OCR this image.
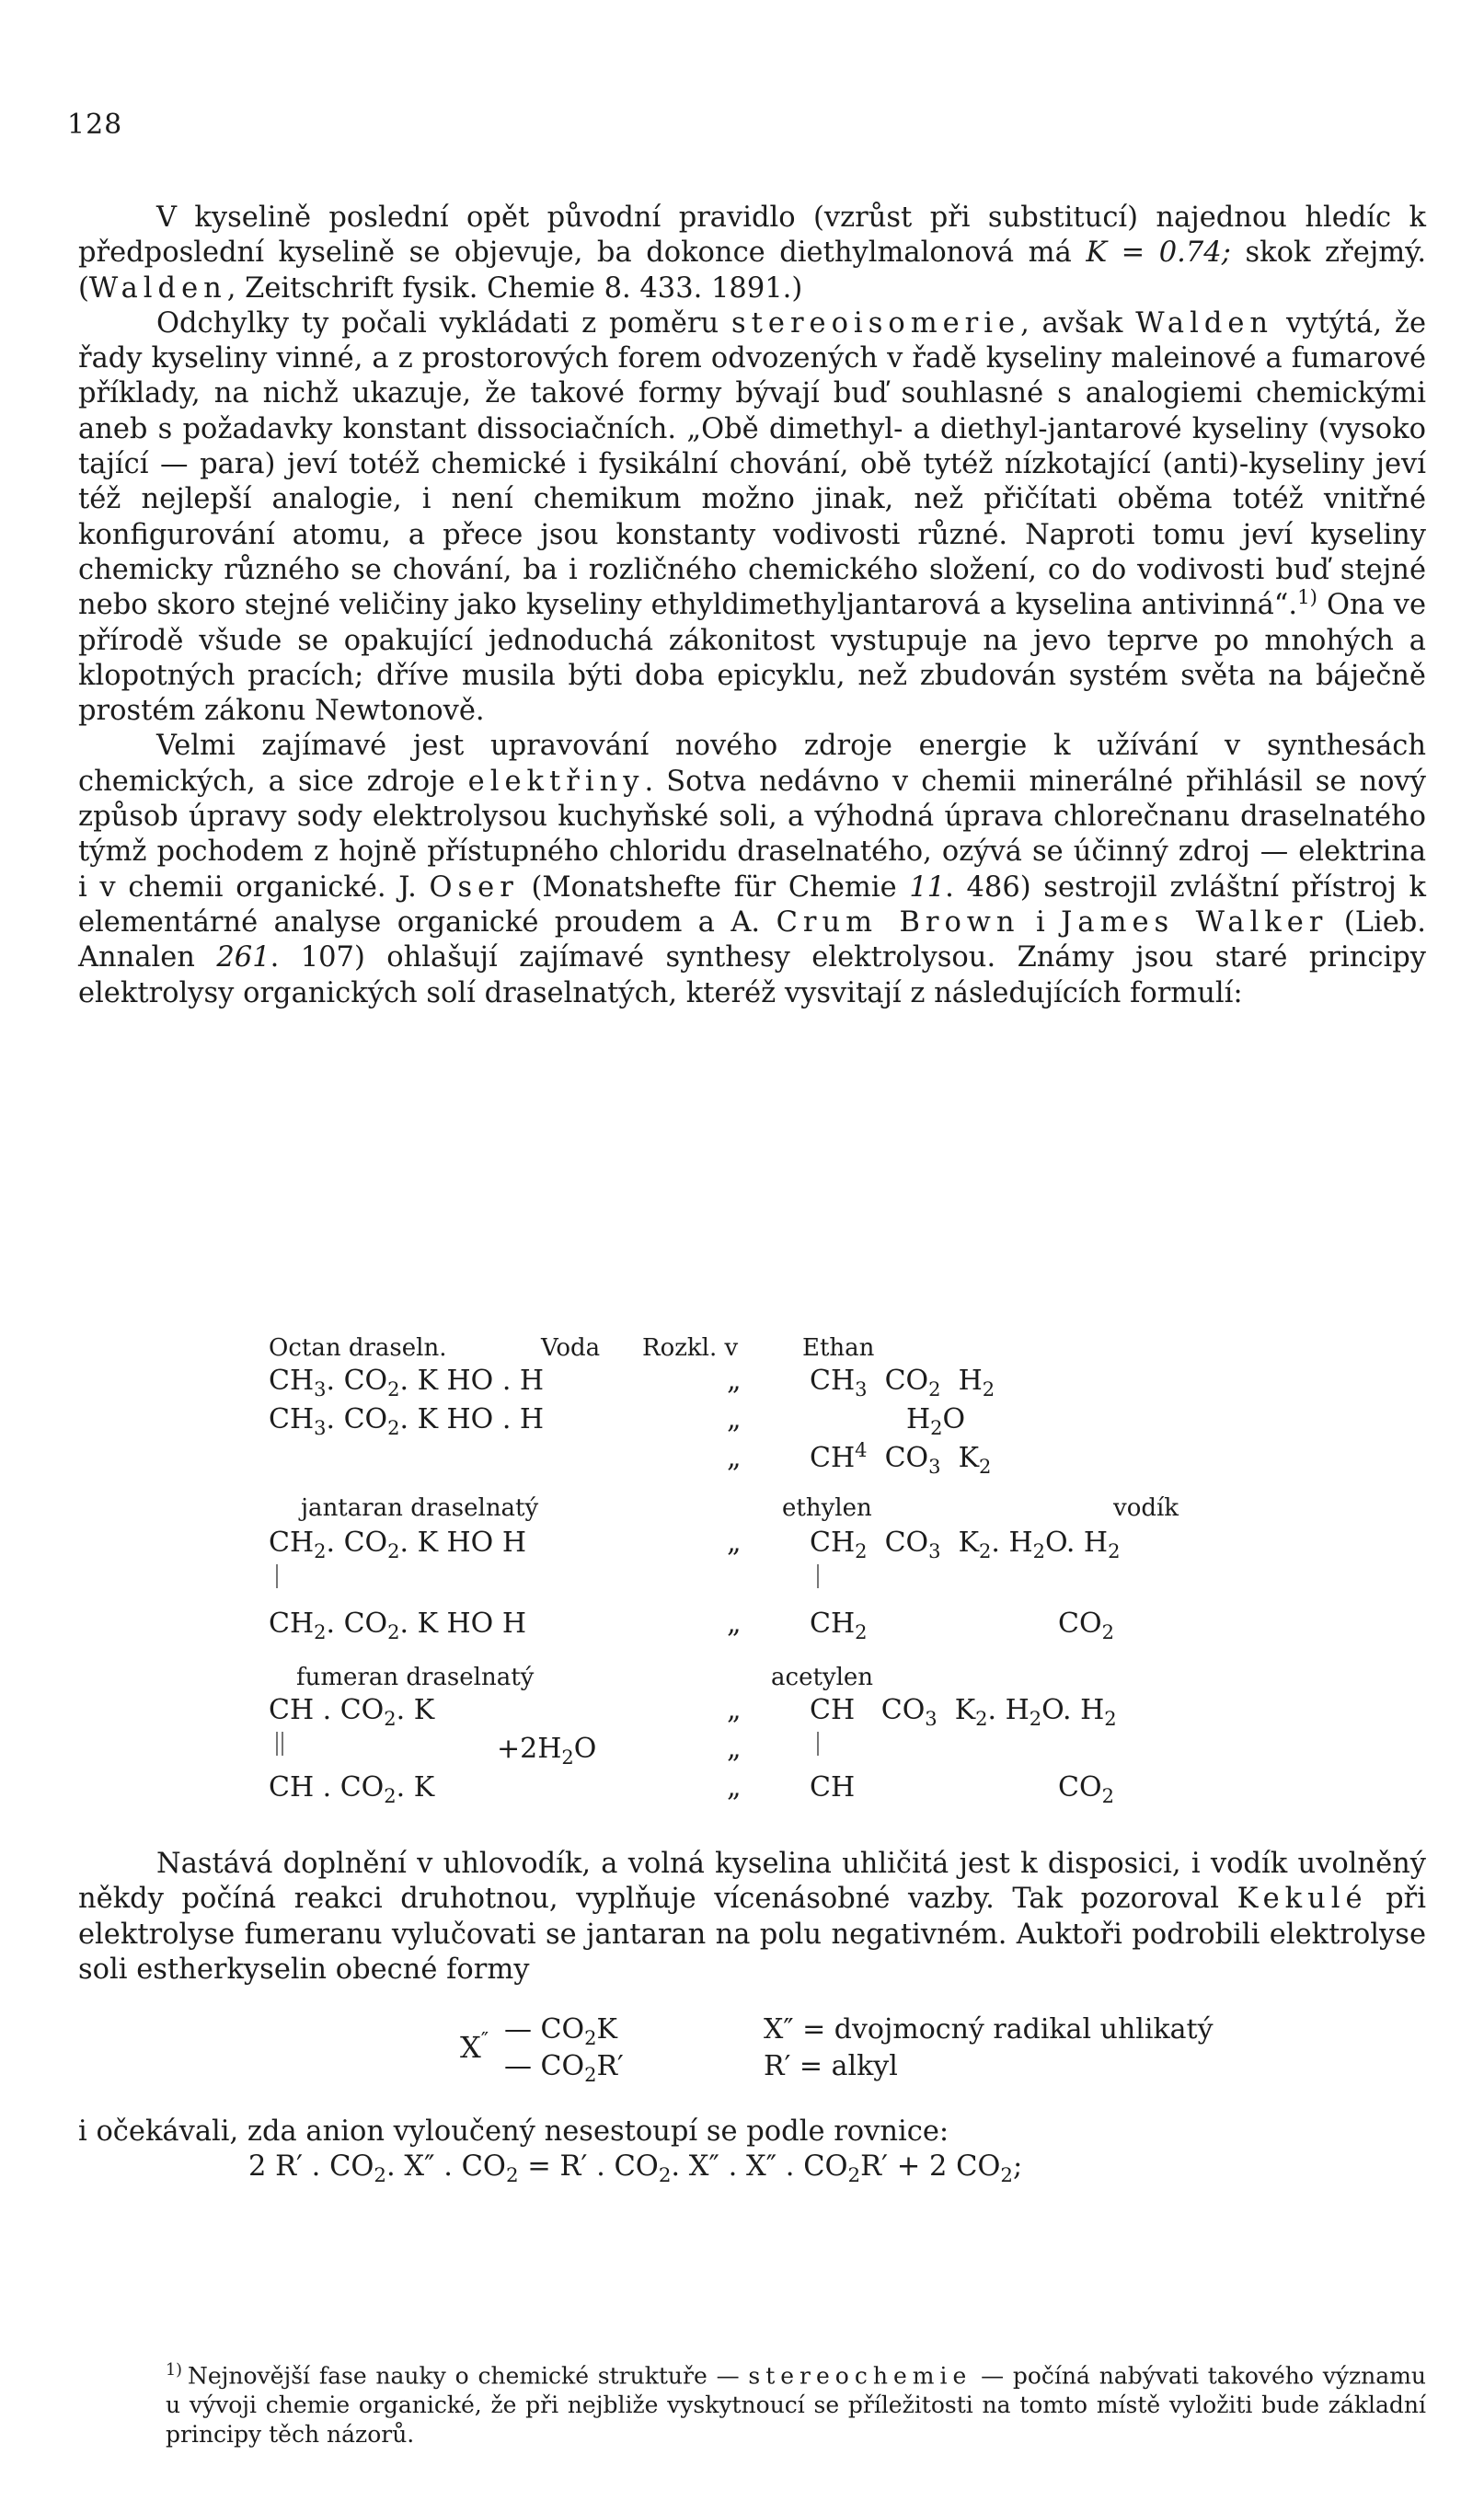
128

V kyselině poslední opět původní pravidlo (vzrůst při substitucí) najednou hledíc k předposlední kyselině se objevuje, ba dokonce diethylmalonová má K = 0.74; skok zřejmý. (Walden, Zeitschrift fysik. Chemie 8. 433. 1891.)

Odchylky ty počali vykládati z poměru stereoisomerie, avšak Walden vytýtá, že řady kyseliny vinné, a z prostorových forem odvozených v řadě kyseliny maleinové a fumarové příklady, na nichž ukazuje, že takové formy bývají buď souhlasné s analogiemi chemickými aneb s požadavky konstant dissociačních. „Obě dimethyl- a diethyl-jantarové kyseliny (vysoko tající — para) jeví totéž chemické i fysikální chování, obě tytéž nízkotající (anti)-kyseliny jeví též nejlepší analogie, i není chemikum možno jinak, než přičítati oběma totéž vnitřné konfigurování atomu, a přece jsou konstanty vodivosti různé. Naproti tomu jeví kyseliny chemicky různého se chování, ba i rozličného chemického složení, co do vodivosti buď stejné nebo skoro stejné veličiny jako kyseliny ethyldimethyljantarová a kyselina antivinná“.$^{1)}$ Ona ve přírodě všude se opakující jednoduchá zákonitost vystupuje na jevo teprve po mnohých a klopotných pracích; dříve musila býti doba epicyklu, než zbudován systém světa na báječně prostém zákonu Newtonově.

Velmi zajímavé jest upravování nového zdroje energie k užívání v synthesách chemických, a sice zdroje elektřiny. Sotva nedávno v chemii minerálné přihlásil se nový způsob úpravy sody elektrolysou kuchyňské soli, a výhodná úprava chlorečnanu draselnatého týmž pochodem z hojně přístupného chloridu draselnatého, ozývá se účinný zdroj — elektrina i v chemii organické. J. Oser (Monatshefte für Chemie 11. 486) sestrojil zvláštní přístroj k elementárné analyse organické proudem a A. Crum Brown i James Walker (Lieb. Annalen 261. 107) ohlašují zajímavé synthesy elektrolysou. Známy jsou staré principy elektrolysy organických solí draselnatých, kteréž vysvitají z následujících formulí:

Octan draseln.	Voda Rozkl. v	Ethan
$CH_3$. $CO_2$. K HO . H	„ $CH_3$ $CO_2$ $H_2$
$CH_3$. $CO_2$. K HO . H	„	$H_2O$
„ $CH^4$ $CO_3$ $K_2$
jantaran draselnatý	ethylen	vodík
$CH_2$. $CO_2$. K HO H	„ $CH_2$ $CO_3$ $K_2$. $H_2O$. $H_2$
$CH_2$. $CO_2$. K HO H	„ $CH_2$	$CO_2$
fumeran draselnatý	acetylen
CH . $CO_2$. K	„ CH $CO_3$ $K_2$. $H_2O$. $H_2$
$+2H_2O$	„
CH . $CO_2$. K	„ CH	$CO_2$

Nastává doplnění v uhlovodík, a volná kyselina uhličitá jest k disposici, i vodík uvolněný někdy počíná reakci druhotnou, vyplňuje vícenásobné vazby. Tak pozoroval Kekulé při elektrolyse fumeranu vylučovati se jantaran na polu negativném. Auktoři podrobili elektrolyse soli estherkyselin obecné formy

X″ — $CO_2K$
— $CO_2R'$
X″ = dvojmocný radikal uhlikatý
R′ = alkyl

i očekávali, zda anion vyloučený nesestoupí se podle rovnice:

2 R′ . $CO_2$. X″ . $CO_2 = R'$ . $CO_2$. X″ . X″ . $CO_2R' + 2$ $CO_2$;

$^{1)}$ Nejnovější fase nauky o chemické struktuře — stereochemie — počíná nabývati takového významu u vývoji chemie organické, že při nejbliže vyskytnoucí se příležitosti na tomto místě vyložiti bude základní principy těch názorů.
